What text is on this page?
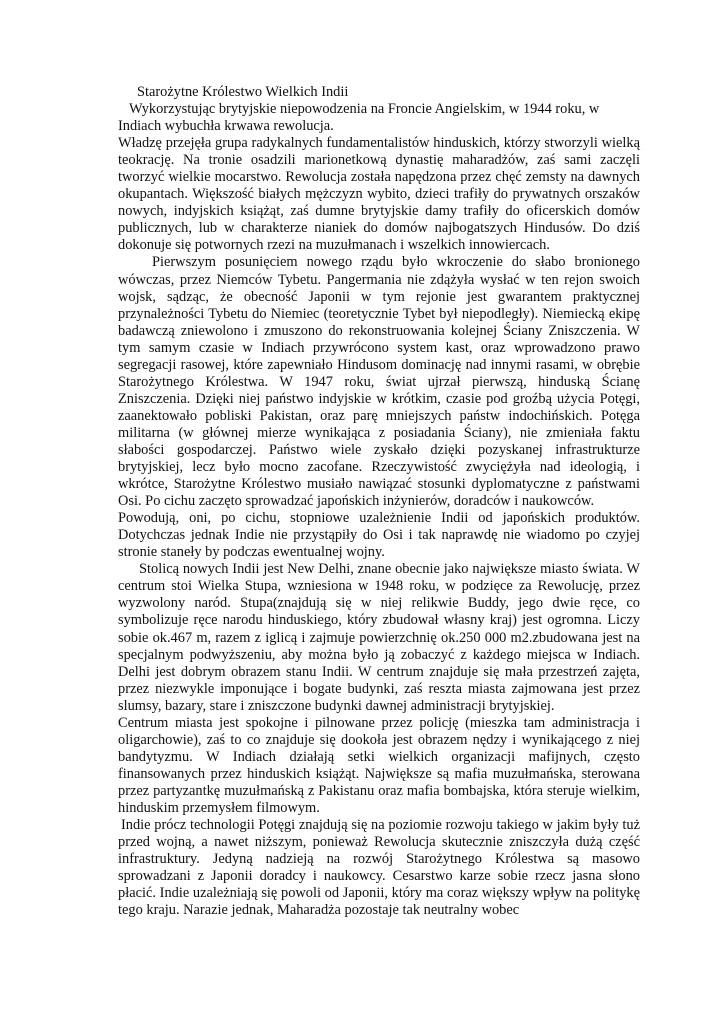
Starożytne Królestwo Wielkich Indii

Wykorzystując brytyjskie niepowodzenia na Froncie Angielskim, w 1944 roku, w Indiach wybuchła krwawa rewolucja.

Władzę przejęła grupa radykalnych fundamentalistów hinduskich, którzy stworzyli wielką teokrację. Na tronie osadzili marionetkową dynastię maharadżów, zaś sami zaczęli tworzyć wielkie mocarstwo. Rewolucja została napędzona przez chęć zemsty na dawnych okupantach. Większość białych mężczyzn wybito, dzieci trafiły do prywatnych orszaków nowych, indyjskich książąt, zaś dumne brytyjskie damy trafiły do oficerskich domów publicznych, lub w charakterze nianiek do domów najbogatszych Hindusów. Do dziś dokonuje się potwornych rzezi na muzułmanach i wszelkich innowiercach.

Pierwszym posunięciem nowego rządu było wkroczenie do słabo bronionego wówczas, przez Niemców Tybetu. Pangermania nie zdążyła wysłać w ten rejon swoich wojsk, sądząc, że obecność Japonii w tym rejonie jest gwarantem praktycznej przynależności Tybetu do Niemiec (teoretycznie Tybet był niepodległy). Niemiecką ekipę badawczą zniewolono i zmuszono do rekonstruowania kolejnej Ściany Zniszczenia. W tym samym czasie w Indiach przywrócono system kast, oraz wprowadzono prawo segregacji rasowej, które zapewniało Hindusom dominację nad innymi rasami, w obrębie Starożytnego Królestwa. W 1947 roku, świat ujrzał pierwszą, hinduską Ścianę Zniszczenia. Dzięki niej państwo indyjskie w krótkim, czasie pod groźbą użycia Potęgi, zaanektowało pobliski Pakistan, oraz parę mniejszych państw indochińskich. Potęga militarna (w głównej mierze wynikająca z posiadania Ściany), nie zmieniała faktu słabości gospodarczej. Państwo wiele zyskało dzięki pozyskanej infrastrukturze brytyjskiej, lecz było mocno zacofane. Rzeczywistość zwyciężyła nad ideologią, i wkrótce, Starożytne Królestwo musiało nawiązać stosunki dyplomatyczne z państwami Osi. Po cichu zaczęto sprowadzać japońskich inżynierów, doradców i naukowców.

Powodują, oni, po cichu, stopniowe uzależnienie Indii od japońskich produktów. Dotychczas jednak Indie nie przystąpiły do Osi i tak naprawdę nie wiadomo po czyjej stronie staneły by podczas ewentualnej wojny.

Stolicą nowych Indii jest New Delhi, znane obecnie jako największe miasto świata. W centrum stoi Wielka Stupa, wzniesiona w 1948 roku, w podzięce za Rewolucję, przez wyzwolony naród. Stupa(znajdują się w niej relikwie Buddy, jego dwie ręce, co symbolizuje ręce narodu hinduskiego, który zbudował własny kraj) jest ogromna. Liczy sobie ok.467 m, razem z iglicą i zajmuje powierzchnię ok.250 000 m2.zbudowana jest na specjalnym podwyższeniu, aby można było ją zobaczyć z każdego miejsca w Indiach. Delhi jest dobrym obrazem stanu Indii. W centrum znajduje się mała przestrzeń zajęta, przez niezwykle imponujące i bogate budynki, zaś reszta miasta zajmowana jest przez slumsy, bazary, stare i zniszczone budynki dawnej administracji brytyjskiej.

Centrum miasta jest spokojne i pilnowane przez policję (mieszka tam administracja i oligarchowie), zaś to co znajduje się dookoła jest obrazem nędzy i wynikającego z niej bandytyzmu. W Indiach działają setki wielkich organizacji mafijnych, często finansowanych przez hinduskich książąt. Największe są mafia muzułmańska, sterowana przez partyzantkę muzułmańską z Pakistanu oraz mafia bombajska, która steruje wielkim, hinduskim przemysłem filmowym.

Indie prócz technologii Potęgi znajdują się na poziomie rozwoju takiego w jakim były tuż przed wojną, a nawet niższym, ponieważ Rewolucja skutecznie zniszczyła dużą część infrastruktury. Jedyną nadzieją na rozwój Starożytnego Królestwa są masowo sprowadzani z Japonii doradcy i naukowcy. Cesarstwo karze sobie rzecz jasna słono płacić. Indie uzależniają się powoli od Japonii, który ma coraz większy wpływ na politykę tego kraju. Narazie jednak, Maharadża pozostaje tak neutralny wobec
